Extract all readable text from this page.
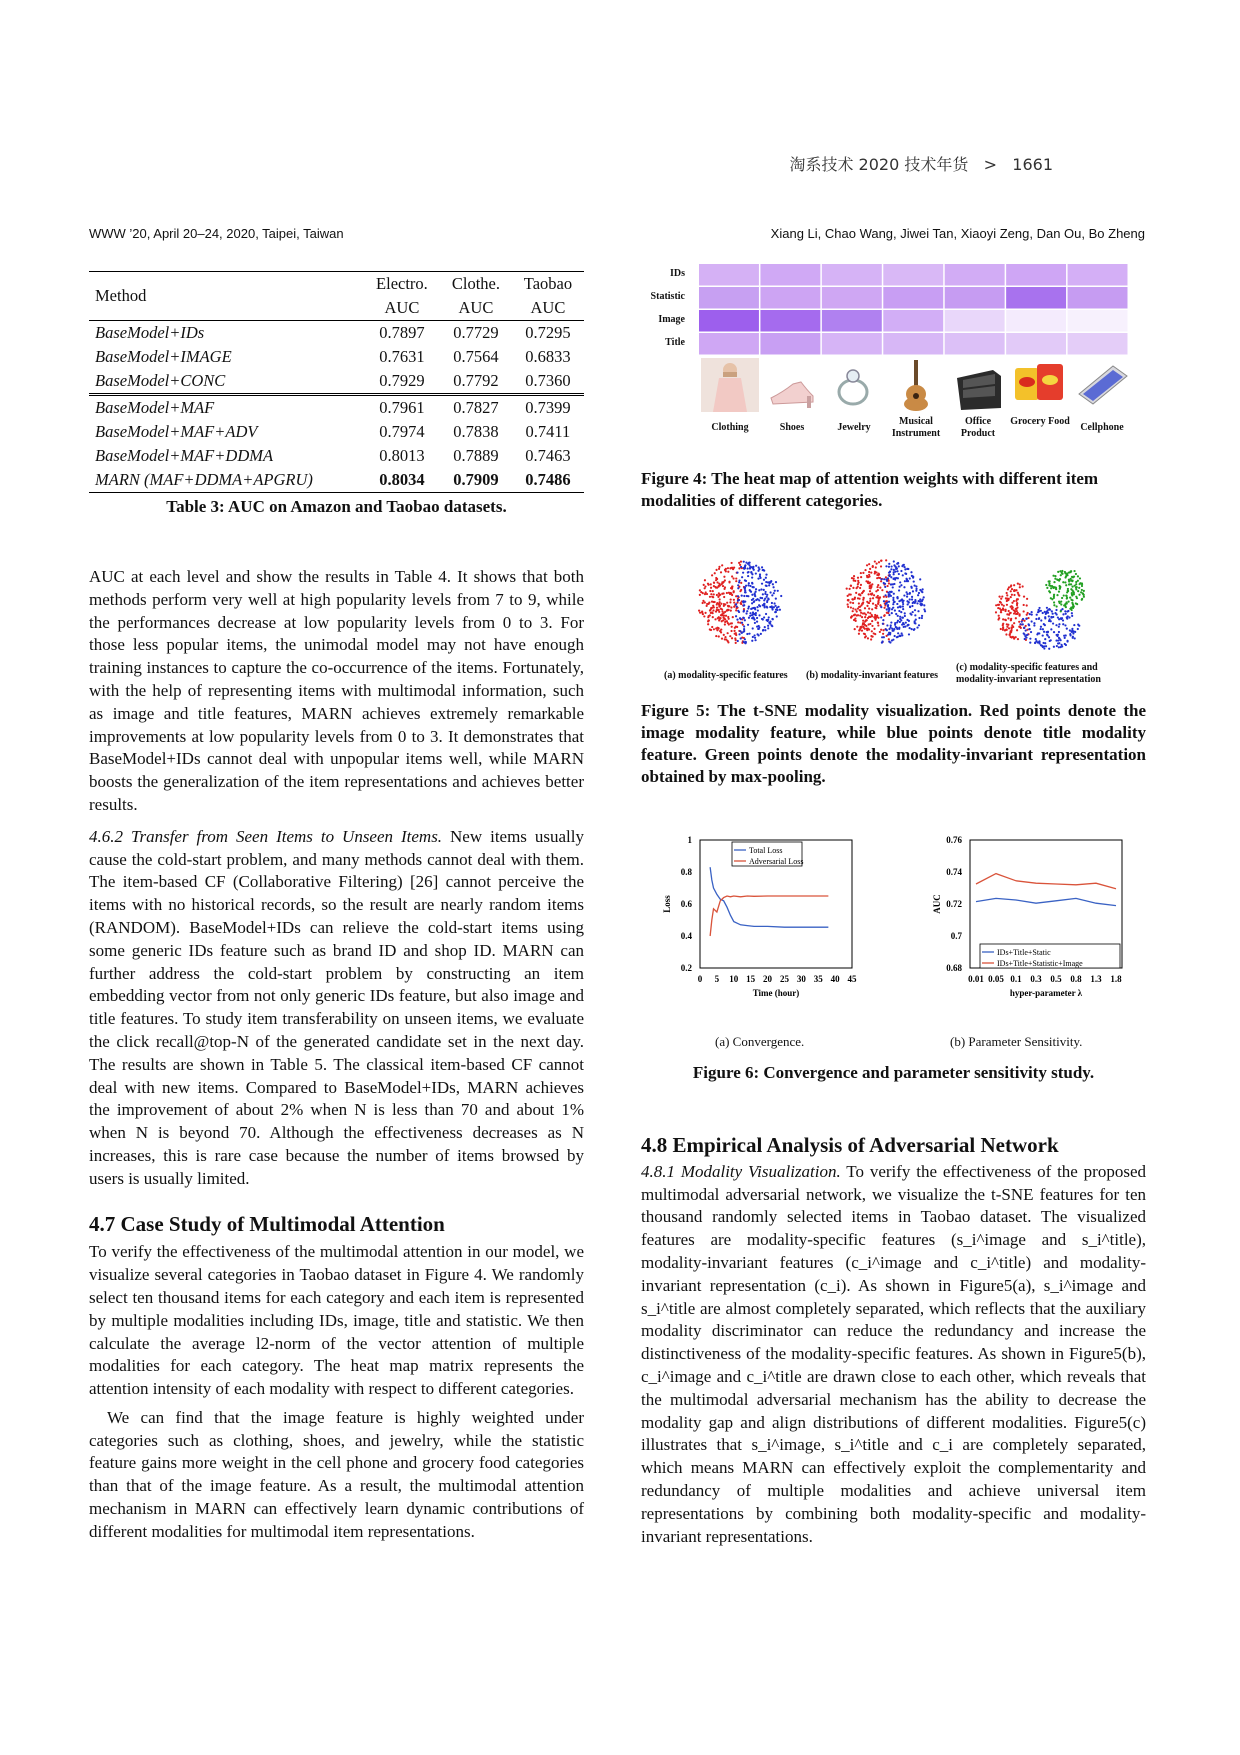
淘系技术 2020 技术年货 > 1661
WWW ’20, April 20–24, 2020, Taipei, Taiwan	Xiang Li, Chao Wang, Jiwei Tan, Xiaoyi Zeng, Dan Ou, Bo Zheng
Method	Electro.	Clothe.	Taobao
	AUC	AUC	AUC
BaseModel+IDs	0.7897	0.7729	0.7295
BaseModel+IMAGE	0.7631	0.7564	0.6833
BaseModel+CONC	0.7929	0.7792	0.7360
BaseModel+MAF	0.7961	0.7827	0.7399
BaseModel+MAF+ADV	0.7974	0.7838	0.7411
BaseModel+MAF+DDMA	0.8013	0.7889	0.7463
MARN (MAF+DDMA+APGRU)	0.8034	0.7909	0.7486
Table 3: AUC on Amazon and Taobao datasets.

AUC at each level and show the results in Table 4. It shows that both methods perform very well at high popularity levels from 7 to 9, while the performances decrease at low popularity levels from 0 to 3. For those less popular items, the unimodal model may not have enough training instances to capture the co-occurrence of the items. Fortunately, with the help of representing items with multimodal information, such as image and title features, MARN achieves extremely remarkable improvements at low popularity levels from 0 to 3. It demonstrates that BaseModel+IDs cannot deal with unpopular items well, while MARN boosts the generalization of the item representations and achieves better results.

4.6.2 Transfer from Seen Items to Unseen Items. New items usually cause the cold-start problem, and many methods cannot deal with them. The item-based CF (Collaborative Filtering) [26] cannot perceive the items with no historical records, so the result are nearly random items (RANDOM). BaseModel+IDs can relieve the cold-start items using some generic IDs feature such as brand ID and shop ID. MARN can further address the cold-start problem by constructing an item embedding vector from not only generic IDs feature, but also image and title features. To study item transferability on unseen items, we evaluate the click recall@top-N of the generated candidate set in the next day. The results are shown in Table 5. The classical item-based CF cannot deal with new items. Compared to BaseModel+IDs, MARN achieves the improvement of about 2% when N is less than 70 and about 1% when N is beyond 70. Although the effectiveness decreases as N increases, this is rare case because the number of items browsed by users is usually limited.

4.7 Case Study of Multimodal Attention

To verify the effectiveness of the multimodal attention in our model, we visualize several categories in Taobao dataset in Figure 4. We randomly select ten thousand items for each category and each item is represented by multiple modalities including IDs, image, title and statistic. We then calculate the average l2-norm of the vector attention of multiple modalities for each category. The heat map matrix represents the attention intensity of each modality with respect to different categories.

We can find that the image feature is highly weighted under categories such as clothing, shoes, and jewelry, while the statistic feature gains more weight in the cell phone and grocery food categories than that of the image feature. As a result, the multimodal attention mechanism in MARN can effectively learn dynamic contributions of different modalities for multimodal item representations.

IDs
Statistic
Image
Title
Clothing	Shoes	Jewelry
Musical Instrument
Office Product
Grocery Food
Cellphone
Figure 4: The heat map of attention weights with different item modalities of different categories.
(a) modality-specific features	(b) modality-invariant features
(c) modality-specific features and modality-invariant representation
Figure 5: The t-SNE modality visualization. Red points denote the image modality feature, while blue points denote title modality feature. Green points denote the modality-invariant representation obtained by max-pooling.
0 5 10 15 20 25 30 35 40 45
0.2
0.4
0.6
0.8
1
Time (hour)
Loss
Total Loss
Adversarial Loss
0.01 0.05 0.1 0.3 0.5 0.8 1.3 1.8
0.68
0.7
0.72
0.74
0.76
hyper-parameter λ
AUC
IDs+Title+Static
IDs+Title+Statistic+Image
(a) Convergence.	(b) Parameter Sensitivity.
Figure 6: Convergence and parameter sensitivity study.
4.8 Empirical Analysis of Adversarial Network

4.8.1 Modality Visualization. To verify the effectiveness of the proposed multimodal adversarial network, we visualize the t-SNE features for ten thousand randomly selected items in Taobao dataset. The visualized features are modality-specific features (s_i^image and s_i^title), modality-invariant features (c_i^image and c_i^title) and modality-invariant representation (c_i). As shown in Figure5(a), s_i^image and s_i^title are almost completely separated, which reflects that the auxiliary modality discriminator can reduce the redundancy and increase the distinctiveness of the modality-specific features. As shown in Figure5(b), c_i^image and c_i^title are drawn close to each other, which reveals that the multimodal adversarial mechanism has the ability to decrease the modality gap and align distributions of different modalities. Figure5(c) illustrates that s_i^image, s_i^title and c_i are completely separated, which means MARN can effectively exploit the complementarity and redundancy of multiple modalities and achieve universal item representations by combining both modality-specific and modality-invariant representations.
